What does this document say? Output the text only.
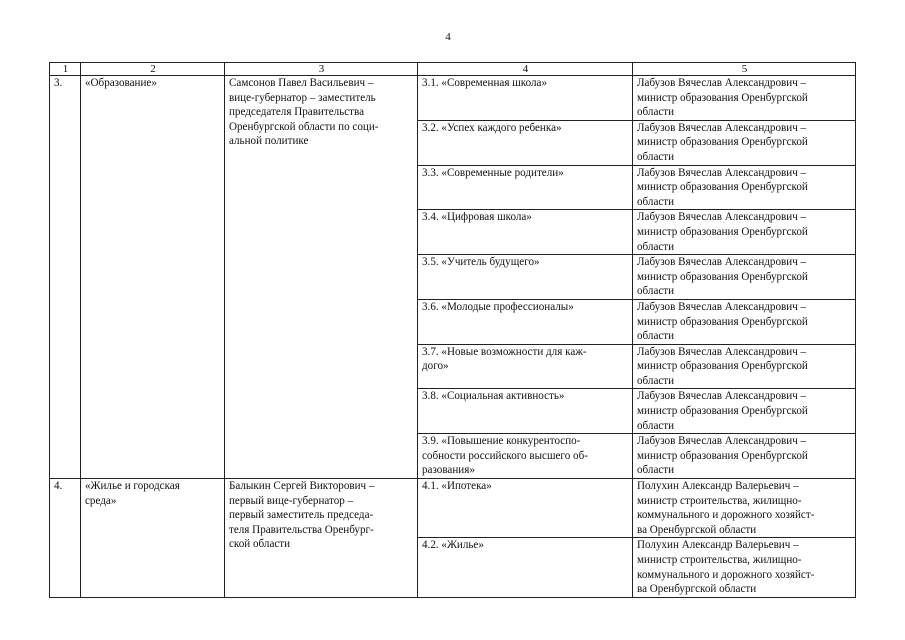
4
1	2	3	4	5
3.	«Образование»	Самсонов Павел Васильевич –
вице-губернатор – заместитель
председателя Правительства
Оренбургской области по соци-
альной политике	3.1. «Современная школа»	Лабузов Вячеслав Александрович –
министр образования Оренбургской
области
			3.2. «Успех каждого ребенка»	Лабузов Вячеслав Александрович –
министр образования Оренбургской
области
			3.3. «Современные родители»	Лабузов Вячеслав Александрович –
министр образования Оренбургской
области
			3.4. «Цифровая школа»	Лабузов Вячеслав Александрович –
министр образования Оренбургской
области
			3.5. «Учитель будущего»	Лабузов Вячеслав Александрович –
министр образования Оренбургской
области
			3.6. «Молодые профессионалы»	Лабузов Вячеслав Александрович –
министр образования Оренбургской
области
			3.7. «Новые возможности для каж-
дого»	Лабузов Вячеслав Александрович –
министр образования Оренбургской
области
			3.8. «Социальная активность»	Лабузов Вячеслав Александрович –
министр образования Оренбургской
области
			3.9. «Повышение конкурентоспо-
собности российского высшего об-
разования»	Лабузов Вячеслав Александрович –
министр образования Оренбургской
области
4.	«Жилье и городская
среда»	Балыкин Сергей Викторович –
первый вице-губернатор –
первый заместитель председа-
теля Правительства Оренбург-
ской области	4.1. «Ипотека»	Полухин Александр Валерьевич –
министр строительства, жилищно-
коммунального и дорожного хозяйст-
ва Оренбургской области
			4.2. «Жилье»	Полухин Александр Валерьевич –
министр строительства, жилищно-
коммунального и дорожного хозяйст-
ва Оренбургской области
